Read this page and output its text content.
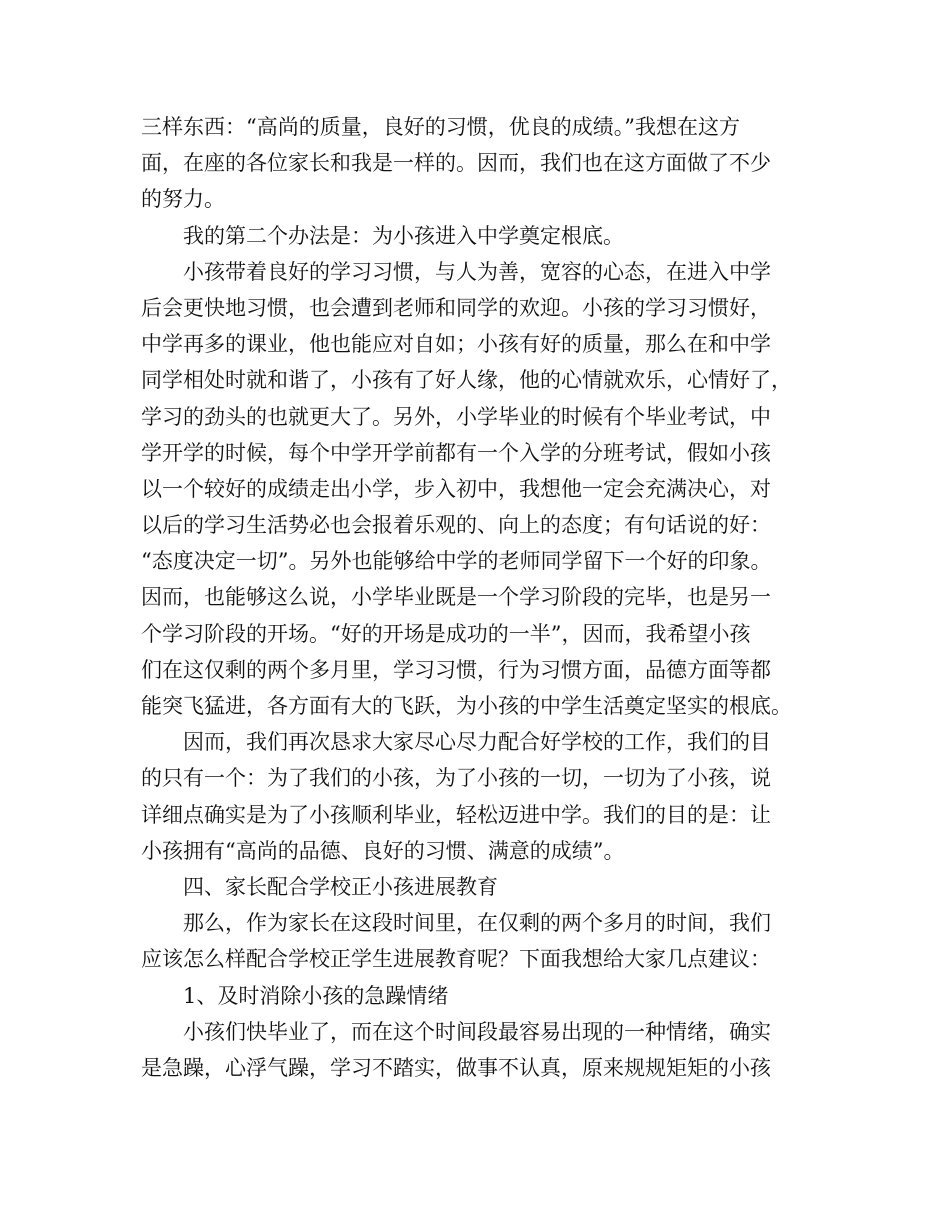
三样东西：“高尚的质量，良好的习惯，优良的成绩。”我想在这方
面，在座的各位家长和我是一样的。因而，我们也在这方面做了不少
的努力。
我的第二个办法是：为小孩进入中学奠定根底。
小孩带着良好的学习习惯，与人为善，宽容的心态，在进入中学
后会更快地习惯，也会遭到老师和同学的欢迎。小孩的学习习惯好，
中学再多的课业，他也能应对自如；小孩有好的质量，那么在和中学
同学相处时就和谐了，小孩有了好人缘，他的心情就欢乐，心情好了，
学习的劲头的也就更大了。另外，小学毕业的时候有个毕业考试，中
学开学的时候，每个中学开学前都有一个入学的分班考试，假如小孩
以一个较好的成绩走出小学，步入初中，我想他一定会充满决心，对
以后的学习生活势必也会报着乐观的、向上的态度；有句话说的好：
“态度决定一切”。另外也能够给中学的老师同学留下一个好的印象。
因而，也能够这么说，小学毕业既是一个学习阶段的完毕，也是另一
个学习阶段的开场。“好的开场是成功的一半”，因而，我希望小孩
们在这仅剩的两个多月里，学习习惯，行为习惯方面，品德方面等都
能突飞猛进，各方面有大的飞跃，为小孩的中学生活奠定坚实的根底。
因而，我们再次恳求大家尽心尽力配合好学校的工作，我们的目
的只有一个：为了我们的小孩，为了小孩的一切，一切为了小孩，说
详细点确实是为了小孩顺利毕业，轻松迈进中学。我们的目的是：让
小孩拥有“高尚的品德、良好的习惯、满意的成绩”。
四、家长配合学校正小孩进展教育
那么，作为家长在这段时间里，在仅剩的两个多月的时间，我们
应该怎么样配合学校正学生进展教育呢？下面我想给大家几点建议：
1、及时消除小孩的急躁情绪
小孩们快毕业了，而在这个时间段最容易出现的一种情绪，确实
是急躁，心浮气躁，学习不踏实，做事不认真，原来规规矩矩的小孩
